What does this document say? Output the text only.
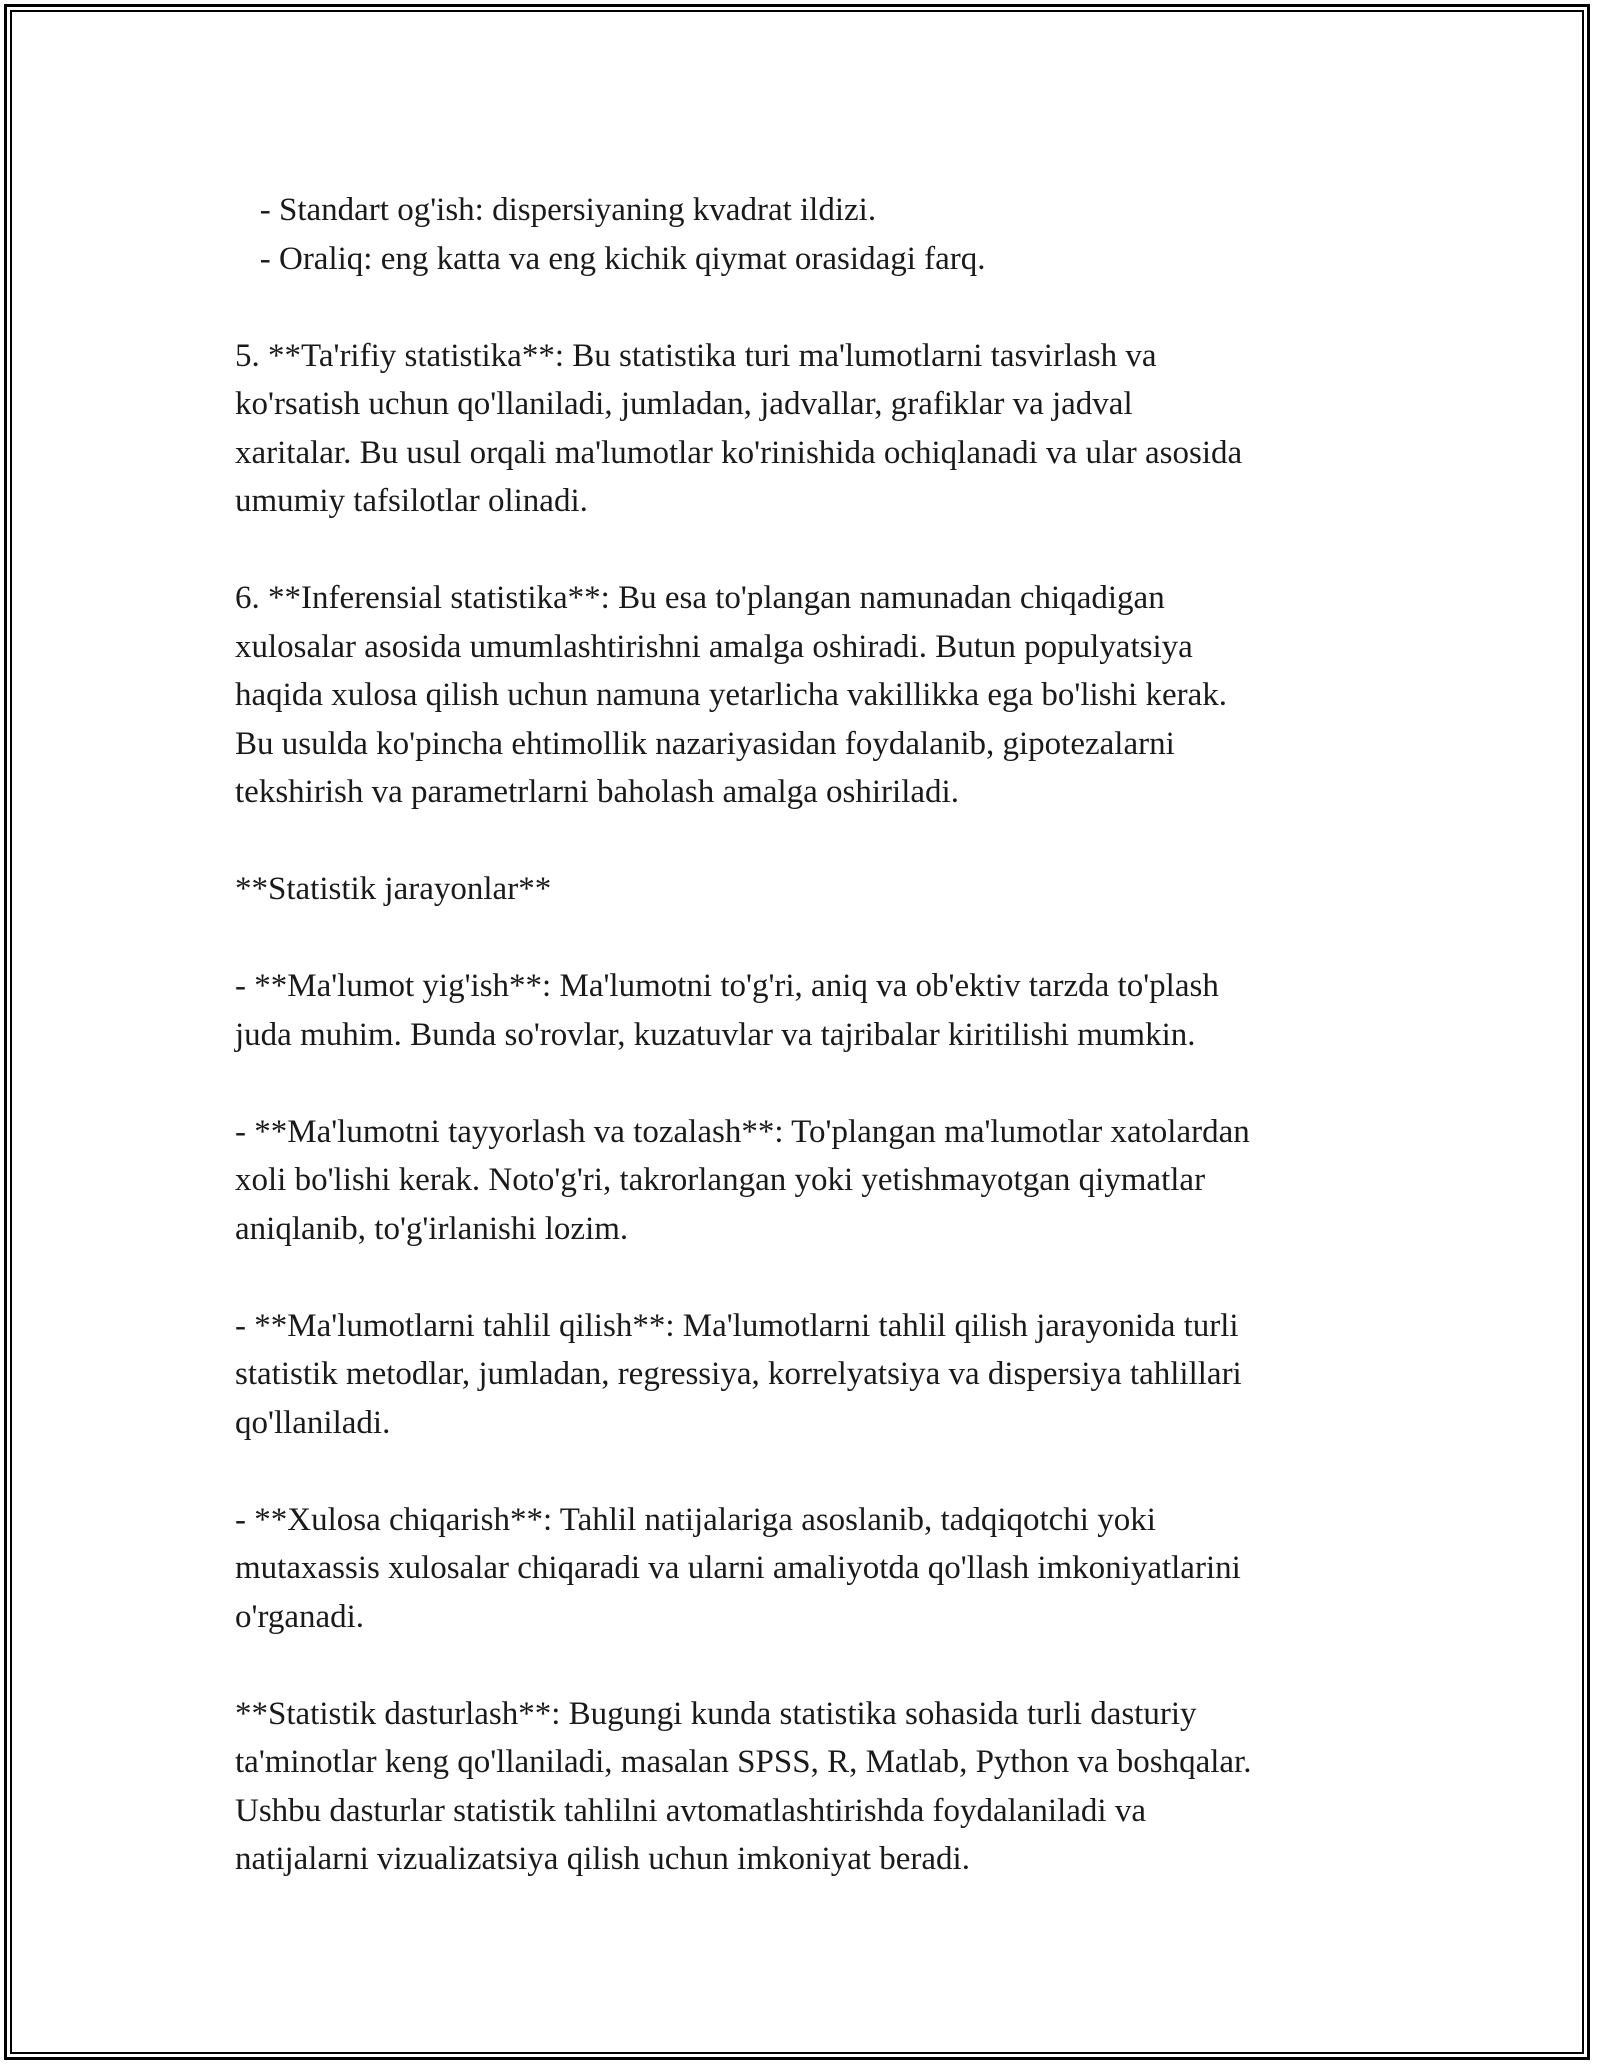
- Standart og'ish: dispersiyaning kvadrat ildizi.
- Oraliq: eng katta va eng kichik qiymat orasidagi farq.
5. **Ta'rifiy statistika**: Bu statistika turi ma'lumotlarni tasvirlash va
ko'rsatish uchun qo'llaniladi, jumladan, jadvallar, grafiklar va jadval
xaritalar. Bu usul orqali ma'lumotlar ko'rinishida ochiqlanadi va ular asosida
umumiy tafsilotlar olinadi.
6. **Inferensial statistika**: Bu esa to'plangan namunadan chiqadigan
xulosalar asosida umumlashtirishni amalga oshiradi. Butun populyatsiya
haqida xulosa qilish uchun namuna yetarlicha vakillikka ega bo'lishi kerak.
Bu usulda ko'pincha ehtimollik nazariyasidan foydalanib, gipotezalarni
tekshirish va parametrlarni baholash amalga oshiriladi.
**Statistik jarayonlar**
- **Ma'lumot yig'ish**: Ma'lumotni to'g'ri, aniq va ob'ektiv tarzda to'plash
juda muhim. Bunda so'rovlar, kuzatuvlar va tajribalar kiritilishi mumkin.
- **Ma'lumotni tayyorlash va tozalash**: To'plangan ma'lumotlar xatolardan
xoli bo'lishi kerak. Noto'g'ri, takrorlangan yoki yetishmayotgan qiymatlar
aniqlanib, to'g'irlanishi lozim.
- **Ma'lumotlarni tahlil qilish**: Ma'lumotlarni tahlil qilish jarayonida turli
statistik metodlar, jumladan, regressiya, korrelyatsiya va dispersiya tahlillari
qo'llaniladi.
- **Xulosa chiqarish**: Tahlil natijalariga asoslanib, tadqiqotchi yoki
mutaxassis xulosalar chiqaradi va ularni amaliyotda qo'llash imkoniyatlarini
o'rganadi.
**Statistik dasturlash**: Bugungi kunda statistika sohasida turli dasturiy
ta'minotlar keng qo'llaniladi, masalan SPSS, R, Matlab, Python va boshqalar.
Ushbu dasturlar statistik tahlilni avtomatlashtirishda foydalaniladi va
natijalarni vizualizatsiya qilish uchun imkoniyat beradi.
